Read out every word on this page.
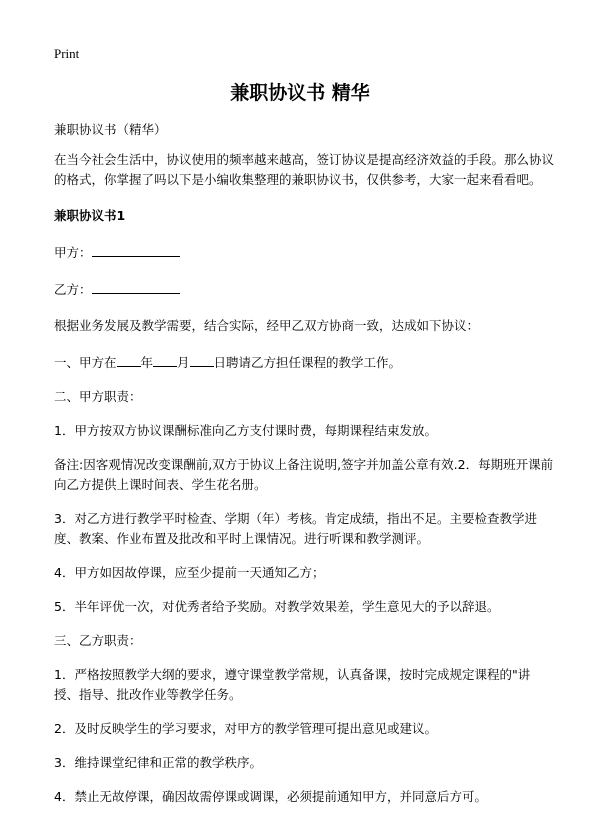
Print
兼职协议书 精华

兼职协议书（精华）

在当今社会生活中，协议使用的频率越来越高，签订协议是提高经济效益的手段。那么协议的格式，你掌握了吗以下是小编收集整理的兼职协议书，仅供参考，大家一起来看看吧。

兼职协议书1

甲方：

乙方：

根据业务发展及教学需要，结合实际，经甲乙双方协商一致，达成如下协议：

一、甲方在 年 月 日聘请乙方担任课程的教学工作。

二、甲方职责：

1．甲方按双方协议课酬标准向乙方支付课时费，每期课程结束发放。

备注:因客观情况改变课酬前,双方于协议上备注说明,签字并加盖公章有效.2．每期班开课前向乙方提供上课时间表、学生花名册。

3．对乙方进行教学平时检查、学期（年）考核。肯定成绩，指出不足。主要检查教学进度、教案、作业布置及批改和平时上课情况。进行听课和教学测评。

4．甲方如因故停课，应至少提前一天通知乙方；

5．半年评优一次，对优秀者给予奖励。对教学效果差，学生意见大的予以辞退。

三、乙方职责：

1．严格按照教学大纲的要求，遵守课堂教学常规，认真备课，按时完成规定课程的"讲授、指导、批改作业等教学任务。

2．及时反映学生的学习要求，对甲方的教学管理可提出意见或建议。

3．维持课堂纪律和正常的教学秩序。

4．禁止无故停课，确因故需停课或调课，必须提前通知甲方，并同意后方可。
